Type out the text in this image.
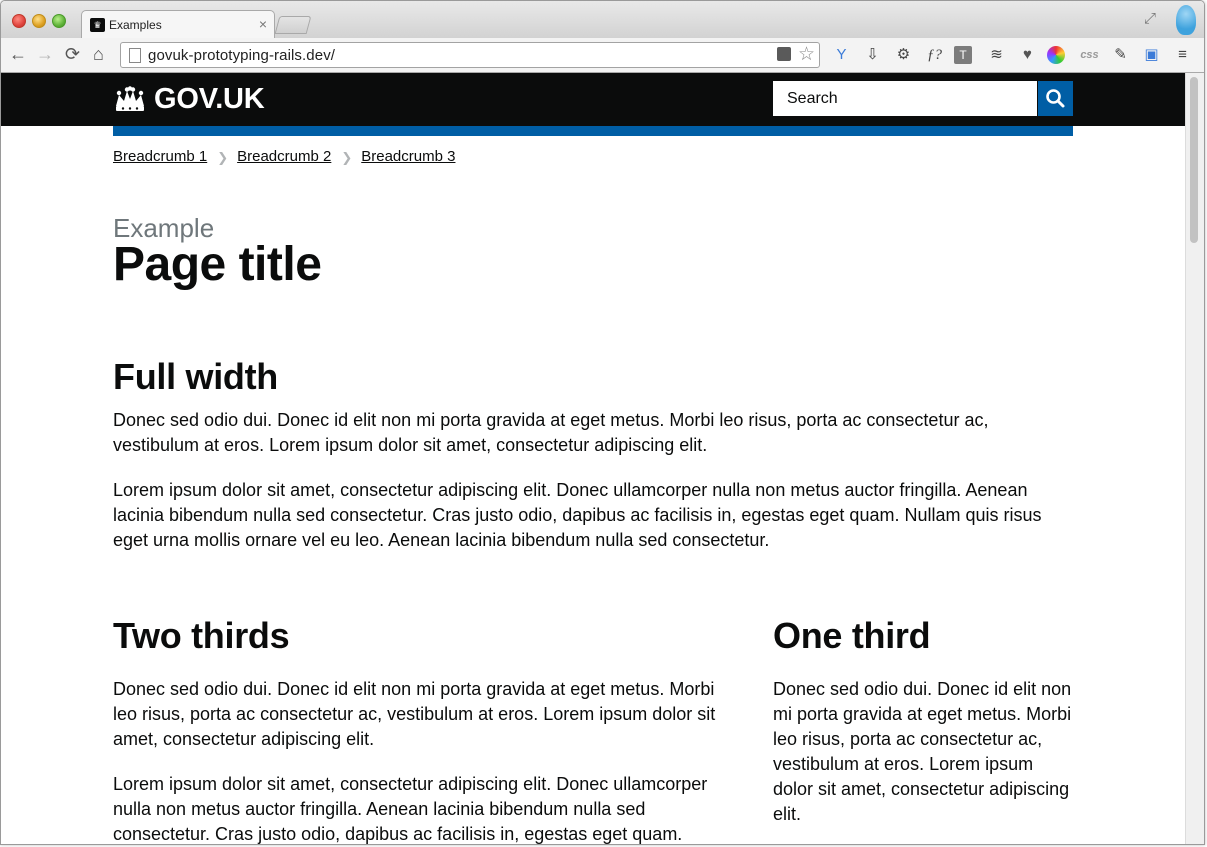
♛ Examples	×	⤢
← → ⟳ ⌂	govuk-prototyping-rails.dev/	☆	Y	⇩	⚙	ƒ?	T	≋	♥	css	✎	▣	≡
GOV.UK	Search
Breadcrumb 1 ❯ Breadcrumb 2 ❯ Breadcrumb 3
Example
Page title
Full width

Donec sed odio dui. Donec id elit non mi porta gravida at eget metus. Morbi leo risus, porta ac consectetur ac, vestibulum at eros. Lorem ipsum dolor sit amet, consectetur adipiscing elit.

Lorem ipsum dolor sit amet, consectetur adipiscing elit. Donec ullamcorper nulla non metus auctor fringilla. Aenean lacinia bibendum nulla sed consectetur. Cras justo odio, dapibus ac facilisis in, egestas eget quam. Nullam quis risus eget urna mollis ornare vel eu leo. Aenean lacinia bibendum nulla sed consectetur.

Two thirds

Donec sed odio dui. Donec id elit non mi porta gravida at eget metus. Morbi leo risus, porta ac consectetur ac, vestibulum at eros. Lorem ipsum dolor sit amet, consectetur adipiscing elit.

Lorem ipsum dolor sit amet, consectetur adipiscing elit. Donec ullamcorper nulla non metus auctor fringilla. Aenean lacinia bibendum nulla sed consectetur. Cras justo odio, dapibus ac facilisis in, egestas eget quam.

One third

Donec sed odio dui. Donec id elit non mi porta gravida at eget metus. Morbi leo risus, porta ac consectetur ac, vestibulum at eros. Lorem ipsum dolor sit amet, consectetur adipiscing elit.
